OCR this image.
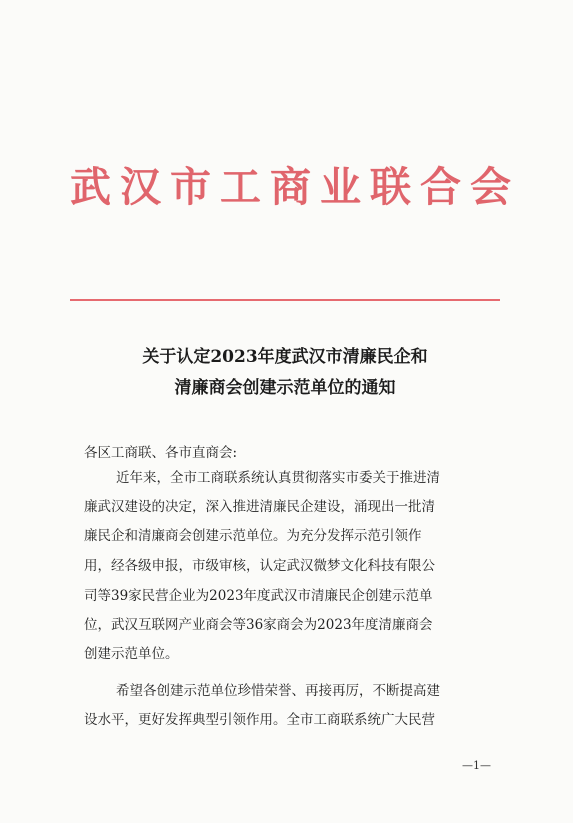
武汉市工商业联合会
关于认定2023年度武汉市清廉民企和
清廉商会创建示范单位的通知
各区工商联、各市直商会:
近年来，全市工商联系统认真贯彻落实市委关于推进清
廉武汉建设的决定，深入推进清廉民企建设，涌现出一批清
廉民企和清廉商会创建示范单位。为充分发挥示范引领作
用，经各级申报，市级审核，认定武汉微梦文化科技有限公
司等39家民营企业为2023年度武汉市清廉民企创建示范单
位，武汉互联网产业商会等36家商会为2023年度清廉商会
创建示范单位。
希望各创建示范单位珍惜荣誉、再接再厉，不断提高建
设水平，更好发挥典型引领作用。全市工商联系统广大民营
—1—
